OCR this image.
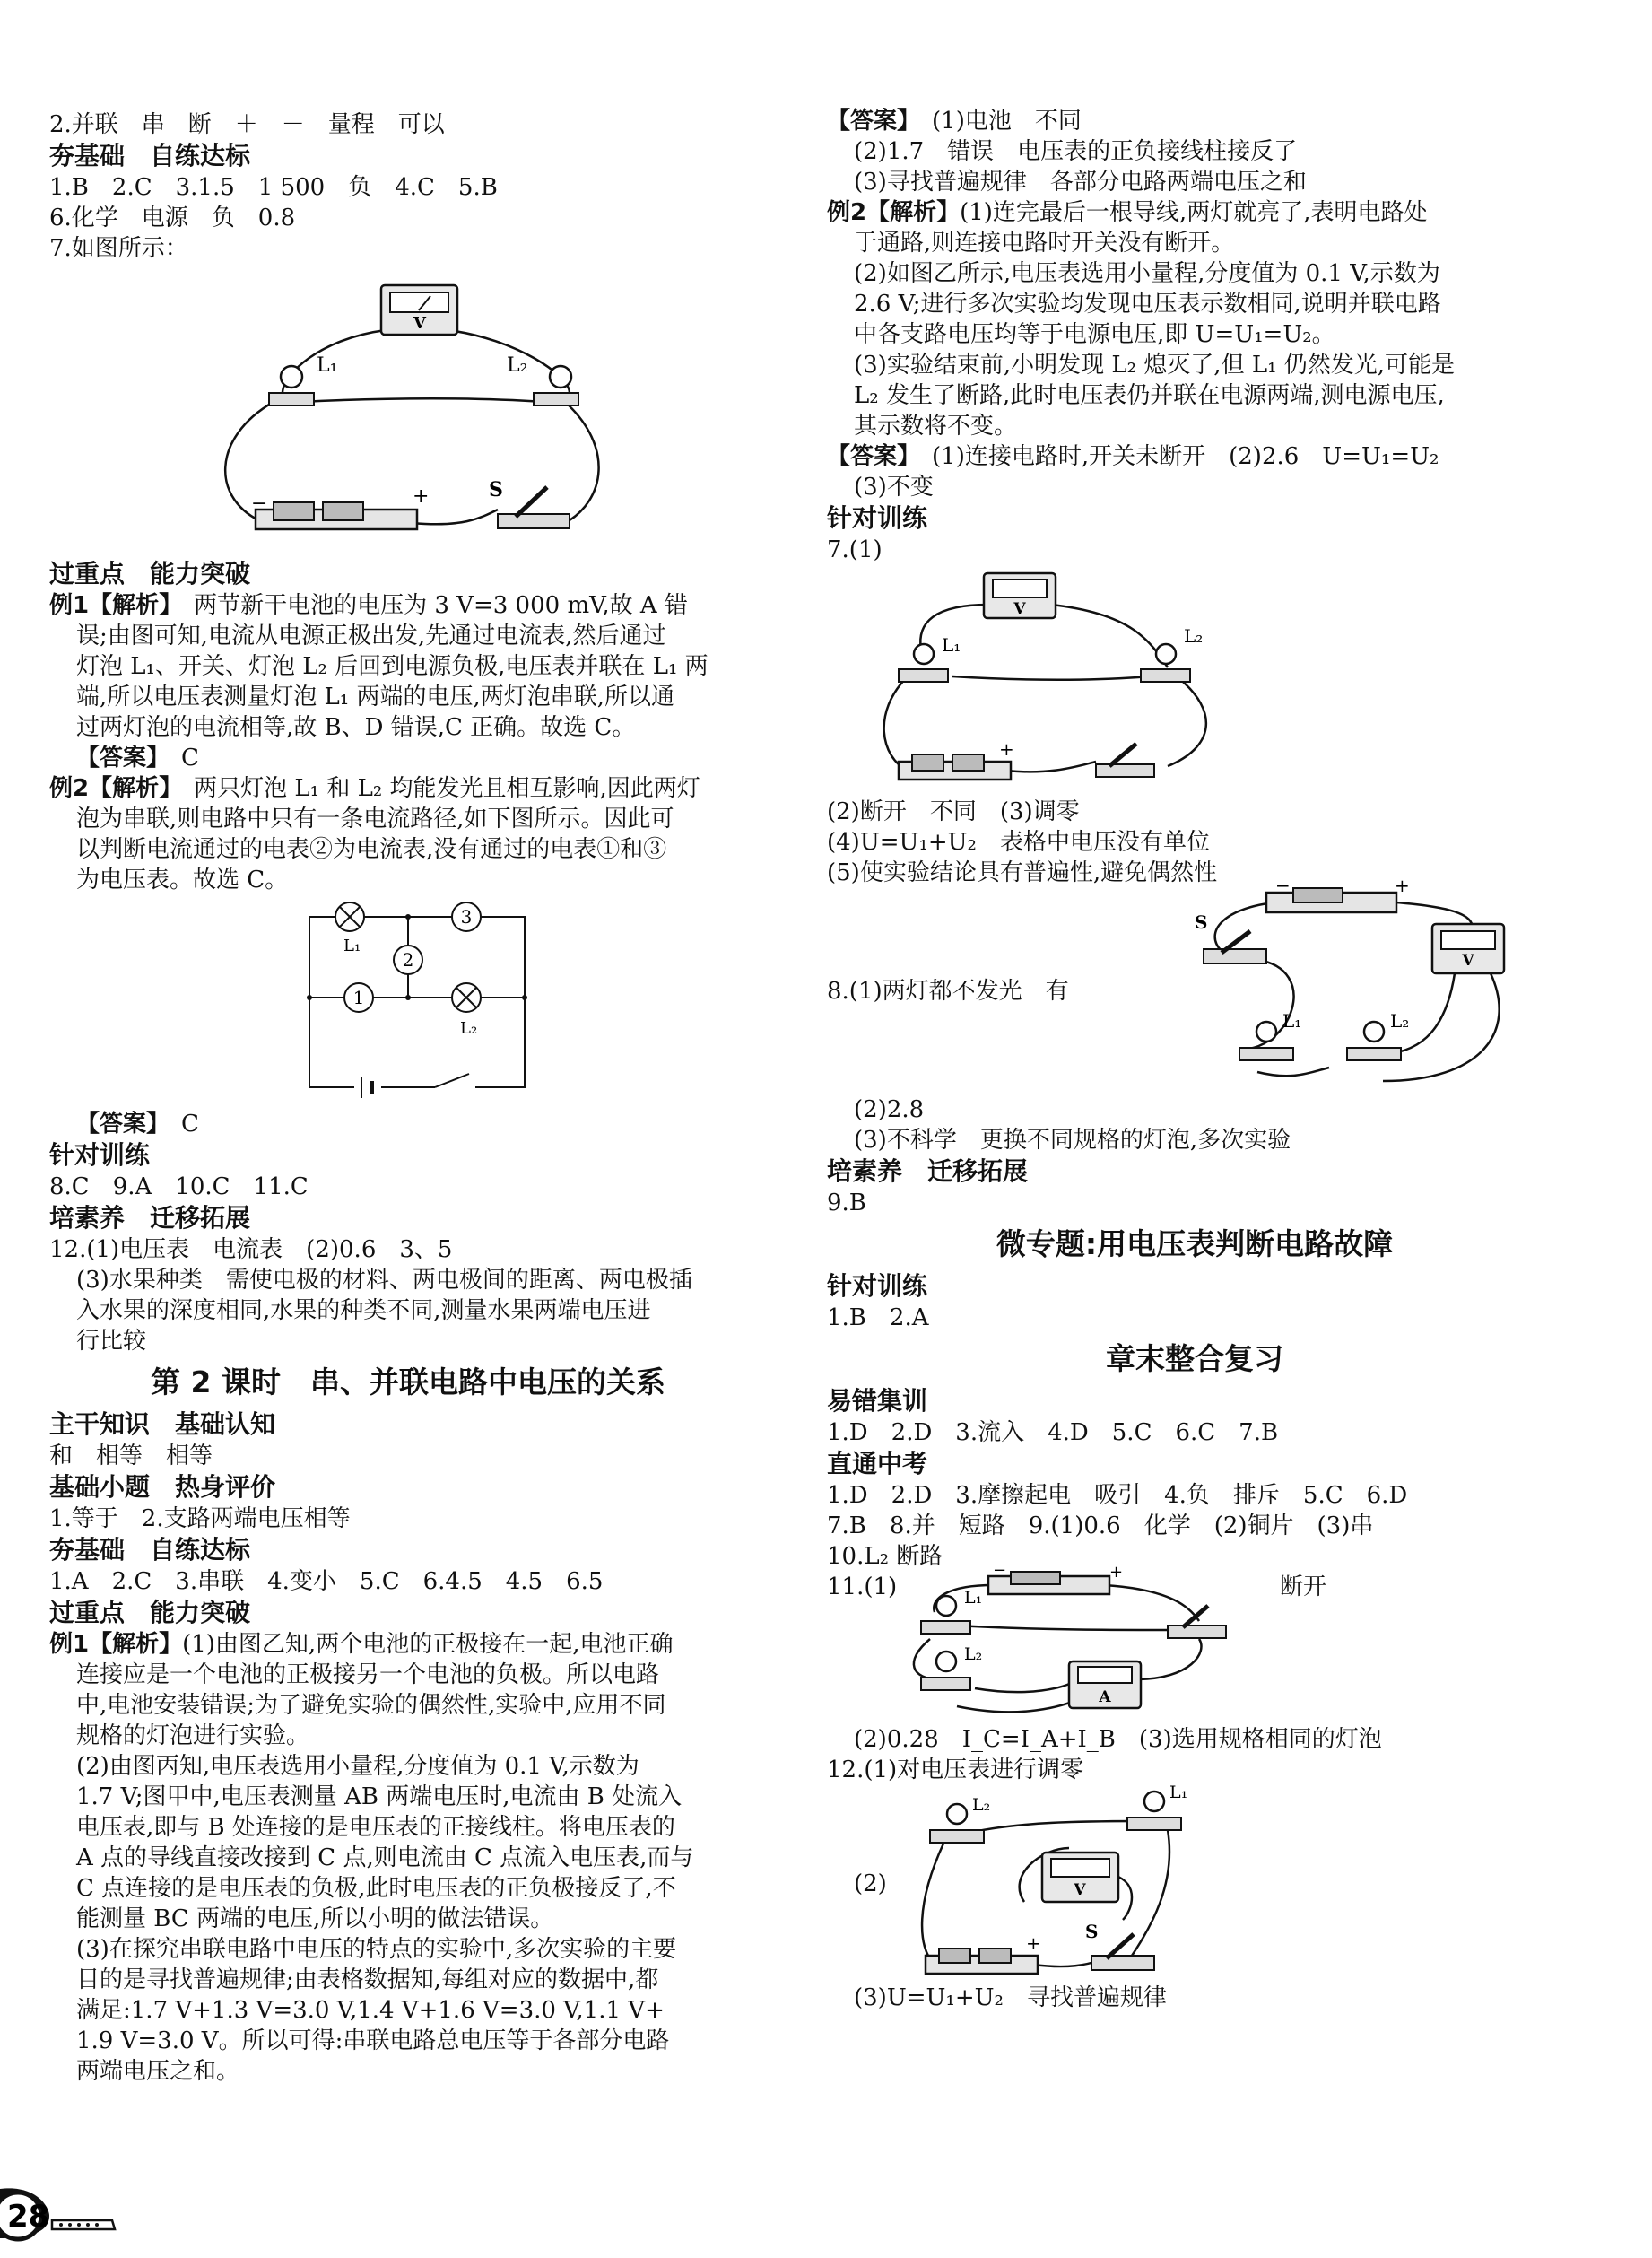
2.并联　串　断　＋　－　量程　可以

夯基础　自练达标

1.B　2.C　3.1.5　1 500　负　4.C　5.B

6.化学　电源　负　0.8

7.如图所示：

V
L₁	L₂
−	+	S

过重点　能力突破

例1【解析】　 两节新干电池的电压为 3 V=3 000 mV,故 A 错

误;由图可知,电流从电源正极出发,先通过电流表,然后通过

灯泡 L₁、开关、灯泡 L₂ 后回到电源负极,电压表并联在 L₁ 两

端,所以电压表测量灯泡 L₁ 两端的电压,两灯泡串联,所以通

过两灯泡的电流相等,故 B、D 错误,C 正确。故选 C。

【答案】　 C

例2【解析】　 两只灯泡 L₁ 和 L₂ 均能发光且相互影响,因此两灯

泡为串联,则电路中只有一条电流路径,如下图所示。因此可

以判断电流通过的电表②为电流表,没有通过的电表①和③

为电压表。故选 C。

L₁
3
2
1
L₂

【答案】　 C

针对训练

8.C　9.A　10.C　11.C

培素养　迁移拓展

12.(1)电压表　电流表　(2)0.6　3、5

(3)水果种类　需使电极的材料、两电极间的距离、两电极插

入水果的深度相同,水果的种类不同,测量水果两端电压进

行比较

第 2 课时　串、并联电路中电压的关系

主干知识　基础认知

和　相等　相等

基础小题　热身评价

1.等于　2.支路两端电压相等

夯基础　自练达标

1.A　2.C　3.串联　4.变小　5.C　6.4.5　4.5　6.5

过重点　能力突破

例1【解析】(1)由图乙知,两个电池的正极接在一起,电池正确

连接应是一个电池的正极接另一个电池的负极。所以电路

中,电池安装错误;为了避免实验的偶然性,实验中,应用不同

规格的灯泡进行实验。

(2)由图丙知,电压表选用小量程,分度值为 0.1 V,示数为

1.7 V;图甲中,电压表测量 AB 两端电压时,电流由 B 处流入

电压表,即与 B 处连接的是电压表的正接线柱。将电压表的

A 点的导线直接改接到 C 点,则电流由 C 点流入电压表,而与

C 点连接的是电压表的负极,此时电压表的正负极接反了,不

能测量 BC 两端的电压,所以小明的做法错误。

(3)在探究串联电路中电压的特点的实验中,多次实验的主要

目的是寻找普遍规律;由表格数据知,每组对应的数据中,都

满足:1.7 V+1.3 V=3.0 V,1.4 V+1.6 V=3.0 V,1.1 V+

1.9 V=3.0 V。所以可得:串联电路总电压等于各部分电路

两端电压之和。

【答案】　 (1)电池　不同

(2)1.7　错误　电压表的正负接线柱接反了

(3)寻找普遍规律　各部分电路两端电压之和

例2【解析】(1)连完最后一根导线,两灯就亮了,表明电路处

于通路,则连接电路时开关没有断开。

(2)如图乙所示,电压表选用小量程,分度值为 0.1 V,示数为

2.6 V;进行多次实验均发现电压表示数相同,说明并联电路

中各支路电压均等于电源电压,即 U=U₁=U₂。

(3)实验结束前,小明发现 L₂ 熄灭了,但 L₁ 仍然发光,可能是

L₂ 发生了断路,此时电压表仍并联在电源两端,测电源电压,

其示数将不变。

【答案】　 (1)连接电路时,开关未断开　(2)2.6　U=U₁=U₂

(3)不变

针对训练

7.(1)

V
L₁	L₂
+

(2)断开　不同　(3)调零

(4)U=U₁+U₂　表格中电压没有单位

(5)使实验结论具有普遍性,避免偶然性

8.(1)两灯都不发光　有

−	+
S
V
L₁	L₂

(2)2.8

(3)不科学　更换不同规格的灯泡,多次实验

培素养　迁移拓展

9.B

微专题:用电压表判断电路故障

针对训练

1.B　2.A

章末整合复习

易错集训

1.D　2.D　3.流入　4.D　5.C　6.C　7.B

直通中考

1.D　2.D　3.摩擦起电　吸引　4.负　排斥　5.C　6.D

7.B　8.并　短路　9.(1)0.6　化学　(2)铜片　(3)串

10.L₂ 断路

11.(1)

−	+
L₁
L₂
A

断开

(2)0.28　I_C=I_A+I_B　(3)选用规格相同的灯泡

12.(1)对电压表进行调零

(2)

L₂
L₁
V
+
S

(3)U=U₁+U₂　寻找普遍规律

28
